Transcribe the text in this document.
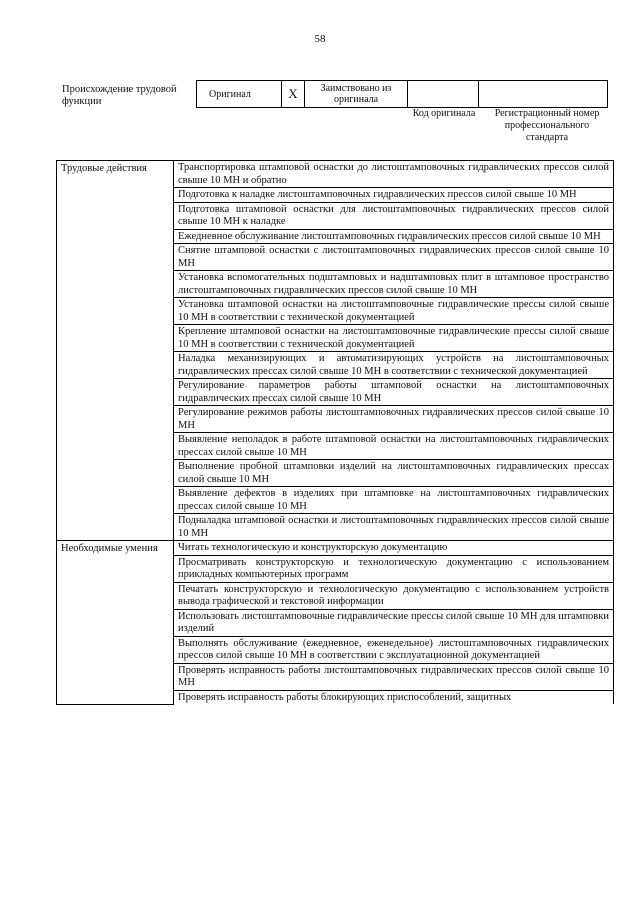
58
Происхождение трудовой функции
Оригинал	X	Заимствовано из оригинала		
Код оригинала	Регистрационный номер профессионального стандарта
Трудовые действия	Транспортировка штамповой оснастки до листоштамповочных гидравлических прессов силой свыше 10 МН и обратно
	Подготовка к наладке листоштамповочных гидравлических прессов силой свыше 10 МН
	Подготовка штамповой оснастки для листоштамповочных гидравлических прессов силой свыше 10 МН к наладке
	Ежедневное обслуживание листоштамповочных гидравлических прессов силой свыше 10 МН
	Снятие штамповой оснастки с листоштамповочных гидравлических прессов силой свыше 10 МН
	Установка вспомогательных подштамповых и надштамповых плит в штамповое пространство листоштамповочных гидравлических прессов силой свыше 10 МН
	Установка штамповой оснастки на листоштамповочные гидравлические прессы силой свыше 10 МН в соответствии с технической документацией
	Крепление штамповой оснастки на листоштамповочные гидравлические прессы силой свыше 10 МН в соответствии с технической документацией
	Наладка механизирующих и автоматизирующих устройств на листоштамповочных гидравлических прессах силой свыше 10 МН в соответствии с технической документацией
	Регулирование параметров работы штамповой оснастки на листоштамповочных гидравлических прессах силой свыше 10 МН
	Регулирование режимов работы листоштамповочных гидравлических прессов силой свыше 10 МН
	Выявление неполадок в работе штамповой оснастки на листоштамповочных гидравлических прессах силой свыше 10 МН
	Выполнение пробной штамповки изделий на листоштамповочных гидравлических прессах силой свыше 10 МН
	Выявление дефектов в изделиях при штамповке на листоштамповочных гидравлических прессах силой свыше 10 МН
	Подналадка штамповой оснастки и листоштамповочных гидравлических прессов силой свыше 10 МН
Необходимые умения	Читать технологическую и конструкторскую документацию
	Просматривать конструкторскую и технологическую документацию с использованием прикладных компьютерных программ
	Печатать конструкторскую и технологическую документацию с использованием устройств вывода графической и текстовой информации
	Использовать листоштамповочные гидравлические прессы силой свыше 10 МН для штамповки изделий
	Выполнять обслуживание (ежедневное, еженедельное) листоштамповочных гидравлических прессов силой свыше 10 МН в соответствии с эксплуатационной документацией
	Проверять исправность работы листоштамповочных гидравлических прессов силой свыше 10 МН
	Проверять исправность работы блокирующих приспособлений, защитных
